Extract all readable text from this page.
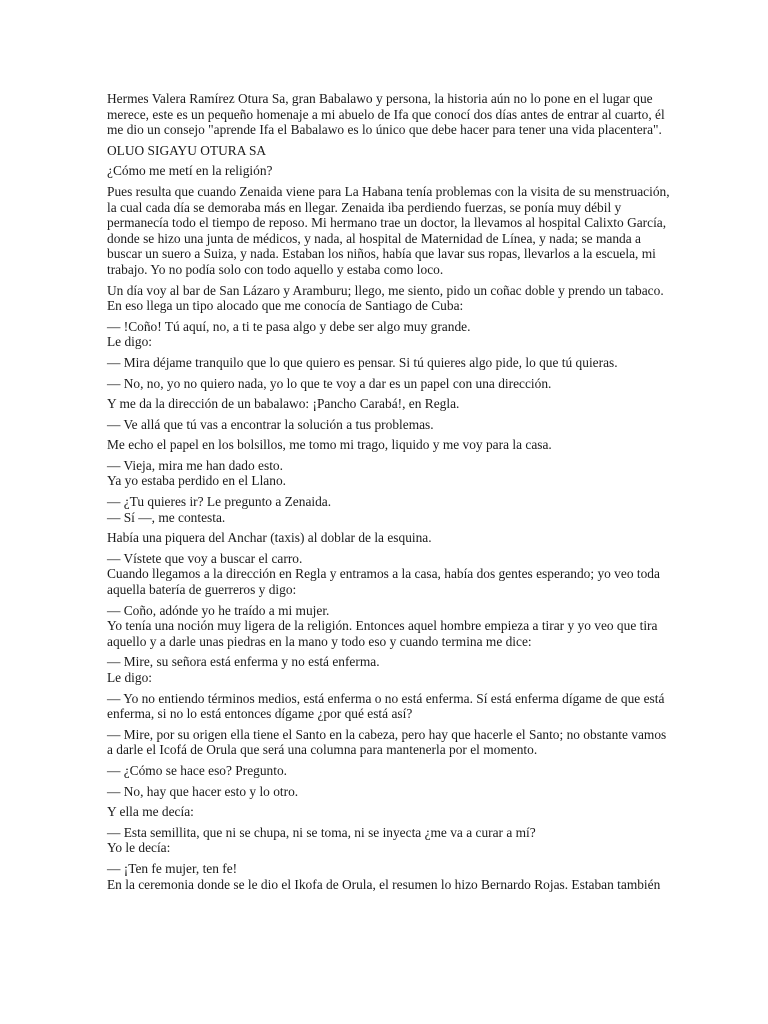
Hermes Valera Ramírez Otura Sa, gran Babalawo y persona, la historia aún no lo pone en el lugar que
merece, este es un pequeño homenaje a mi abuelo de Ifa que conocí dos días antes de entrar al cuarto, él
me dio un consejo "aprende Ifa el Babalawo es lo único que debe hacer para tener una vida placentera".

OLUO SIGAYU OTURA SA

¿Cómo me metí en la religión?

Pues resulta que cuando Zenaida viene para La Habana tenía problemas con la visita de su menstruación,
la cual cada día se demoraba más en llegar. Zenaida iba perdiendo fuerzas, se ponía muy débil y
permanecía todo el tiempo de reposo. Mi hermano trae un doctor, la llevamos al hospital Calixto García,
donde se hizo una junta de médicos, y nada, al hospital de Maternidad de Línea, y nada; se manda a
buscar un suero a Suiza, y nada. Estaban los niños, había que lavar sus ropas, llevarlos a la escuela, mi
trabajo. Yo no podía solo con todo aquello y estaba como loco.

Un día voy al bar de San Lázaro y Aramburu; llego, me siento, pido un coñac doble y prendo un tabaco.
En eso llega un tipo alocado que me conocía de Santiago de Cuba:

— !Coño! Tú aquí, no, a ti te pasa algo y debe ser algo muy grande.
Le digo:

— Mira déjame tranquilo que lo que quiero es pensar. Si tú quieres algo pide, lo que tú quieras.

— No, no, yo no quiero nada, yo lo que te voy a dar es un papel con una dirección.

Y me da la dirección de un babalawo: ¡Pancho Carabá!, en Regla.

— Ve allá que tú vas a encontrar la solución a tus problemas.

Me echo el papel en los bolsillos, me tomo mi trago, liquido y me voy para la casa.

— Vieja, mira me han dado esto.
Ya yo estaba perdido en el Llano.

— ¿Tu quieres ir? Le pregunto a Zenaida.
— Sí —, me contesta.

Había una piquera del Anchar (taxis) al doblar de la esquina.

— Vístete que voy a buscar el carro.
Cuando llegamos a la dirección en Regla y entramos a la casa, había dos gentes esperando; yo veo toda
aquella batería de guerreros y digo:

— Coño, adónde yo he traído a mi mujer.
Yo tenía una noción muy ligera de la religión. Entonces aquel hombre empieza a tirar y yo veo que tira
aquello y a darle unas piedras en la mano y todo eso y cuando termina me dice:

— Mire, su señora está enferma y no está enferma.
Le digo:

— Yo no entiendo términos medios, está enferma o no está enferma. Sí está enferma dígame de que está
enferma, si no lo está entonces dígame ¿por qué está así?

— Mire, por su origen ella tiene el Santo en la cabeza, pero hay que hacerle el Santo; no obstante vamos
a darle el Icofá de Orula que será una columna para mantenerla por el momento.

— ¿Cómo se hace eso? Pregunto.

— No, hay que hacer esto y lo otro.

Y ella me decía:

— Esta semillita, que ni se chupa, ni se toma, ni se inyecta ¿me va a curar a mí?
Yo le decía:

— ¡Ten fe mujer, ten fe!
En la ceremonia donde se le dio el Ikofa de Orula, el resumen lo hizo Bernardo Rojas. Estaban también
